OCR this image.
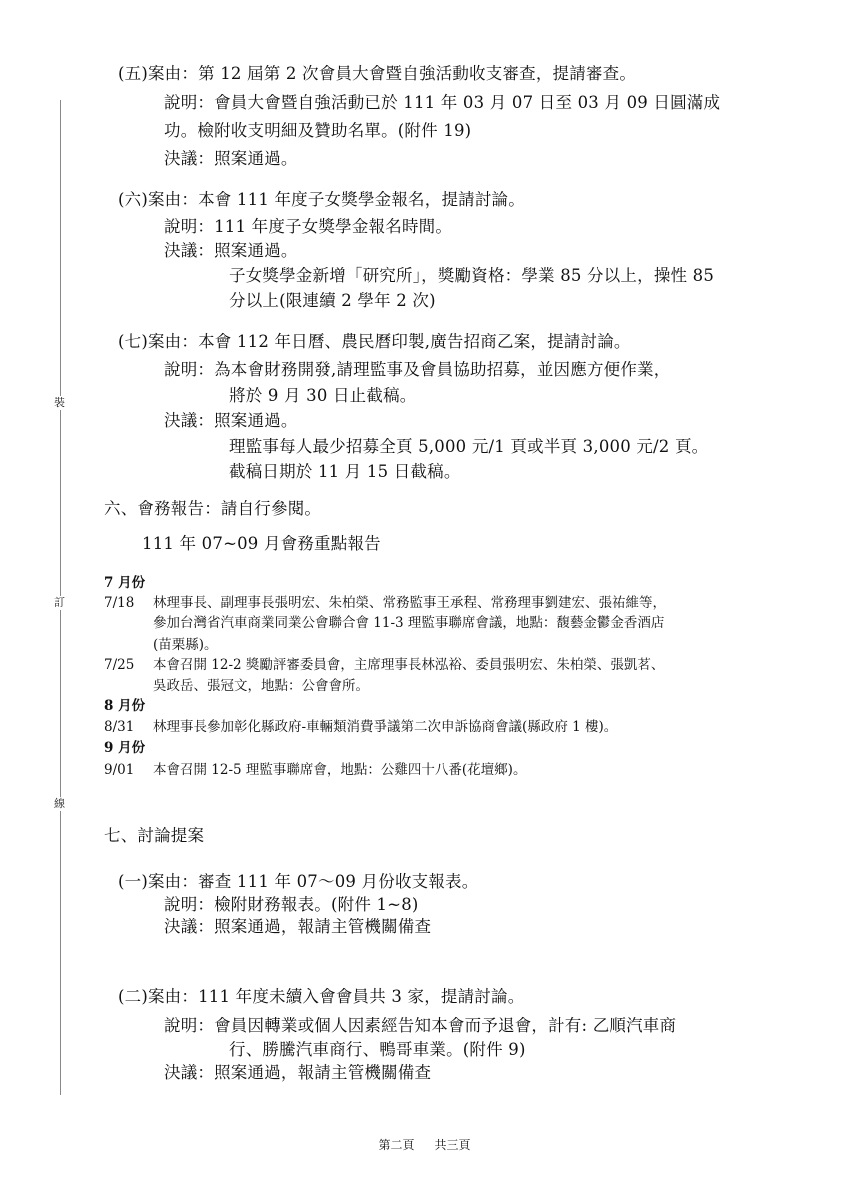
裝
訂
線
(五)案由：第 12 屆第 2 次會員大會暨自強活動收支審查，提請審查。
說明：會員大會暨自強活動已於 111 年 03 月 07 日至 03 月 09 日圓滿成
功。檢附收支明細及贊助名單。(附件 19)
決議：照案通過。
(六)案由：本會 111 年度子女獎學金報名，提請討論。
說明：111 年度子女獎學金報名時間。
決議：照案通過。
子女獎學金新增「研究所」，獎勵資格：學業 85 分以上，操性 85
分以上(限連續 2 學年 2 次)
(七)案由：本會 112 年日曆、農民曆印製,廣告招商乙案，提請討論。
說明：為本會財務開發,請理監事及會員協助招募，並因應方便作業，
將於 9 月 30 日止截稿。
決議：照案通過。
理監事每人最少招募全頁 5,000 元/1 頁或半頁 3,000 元/2 頁。
截稿日期於 11 月 15 日截稿。
六、會務報告：請自行參閱。
111 年 07~09 月會務重點報告
7 月份
7/18 林理事長、副理事長張明宏、朱柏榮、常務監事王承程、常務理事劉建宏、張祐維等，
參加台灣省汽車商業同業公會聯合會 11-3 理監事聯席會議，地點：馥藝金鬱金香酒店
(苗栗縣)。
7/25 本會召開 12-2 獎勵評審委員會，主席理事長林泓裕、委員張明宏、朱柏榮、張凱茗、
吳政岳、張冠文，地點：公會會所。
8 月份
8/31 林理事長參加彰化縣政府-車輛類消費爭議第二次申訴協商會議(縣政府 1 樓)。
9 月份
9/01 本會召開 12-5 理監事聯席會，地點：公雞四十八番(花壇鄉)。
七、討論提案
(一)案由：審查 111 年 07～09 月份收支報表。
說明：檢附財務報表。(附件 1~8)
決議：照案通過，報請主管機關備查
(二)案由：111 年度未續入會會員共 3 家，提請討論。
說明：會員因轉業或個人因素經告知本會而予退會，計有: 乙順汽車商
行、勝騰汽車商行、鴨哥車業。(附件 9)
決議：照案通過，報請主管機關備查
第二頁 共三頁
